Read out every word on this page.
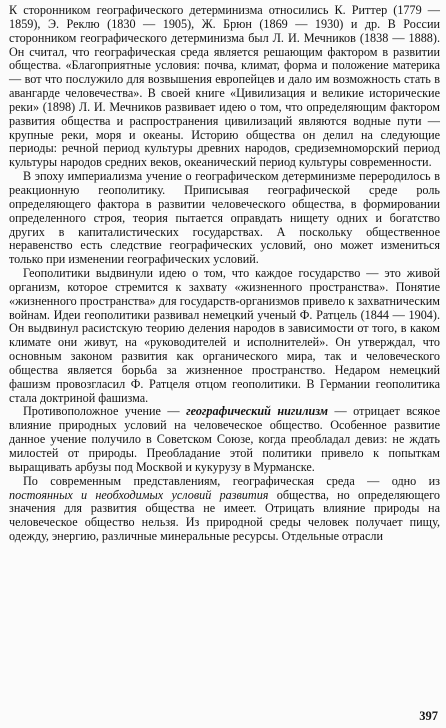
К сторонником географического детерминизма относились К. Риттер (1779 — 1859), Э. Реклю (1830 — 1905), Ж. Брюн (1869 — 1930) и др. В России сторонником географического детерминизма был Л. И. Мечников (1838 — 1888). Он считал, что географическая среда является решающим фактором в развитии общества. «Благоприятные условия: почва, климат, форма и положение материка — вот что послужило для возвышения европейцев и дало им возможность стать в авангарде человечества». В своей книге «Цивилизация и великие исторические реки» (1898) Л. И. Мечников развивает идею о том, что определяющим фактором развития общества и распространения цивилизаций являются водные пути — крупные реки, моря и океаны. Историю общества он делил на следующие периоды: речной период культуры древних народов, средиземноморский период культуры народов средних веков, океанический период культуры современности.

В эпоху империализма учение о географическом детерминизме переродилось в реакционную геополитику. Приписывая географической среде роль определяющего фактора в развитии человеческого общества, в формировании определенного строя, теория пытается оправдать нищету одних и богатство других в капиталистических государствах. А поскольку общественное неравенство есть следствие географических условий, оно может измениться только при изменении географических условий.

Геополитики выдвинули идею о том, что каждое государство — это живой организм, которое стремится к захвату «жизненного пространства». Понятие «жизненного пространства» для государств-организмов привело к захватническим войнам. Идеи геополитики развивал немецкий ученый Ф. Ратцель (1844 — 1904). Он выдвинул расистскую теорию деления народов в зависимости от того, в каком климате они живут, на «руководителей и исполнителей». Он утверждал, что основным законом развития как органического мира, так и человеческого общества является борьба за жизненное пространство. Недаром немецкий фашизм провозгласил Ф. Ратцеля отцом геополитики. В Германии геополитика стала доктриной фашизма.

Противоположное учение — географический нигилизм — отрицает всякое влияние природных условий на человеческое общество. Особенное развитие данное учение получило в Советском Союзе, когда преобладал девиз: не ждать милостей от природы. Преобладание этой политики привело к попыткам выращивать арбузы под Москвой и кукурузу в Мурманске.

По современным представлениям, географическая среда — одно из постоянных и необходимых условий развития общества, но определяющего значения для развития общества не имеет. Отрицать влияние природы на человеческое общество нельзя. Из природной среды человек получает пищу, одежду, энергию, различные минеральные ресурсы. Отдельные отрасли

397
